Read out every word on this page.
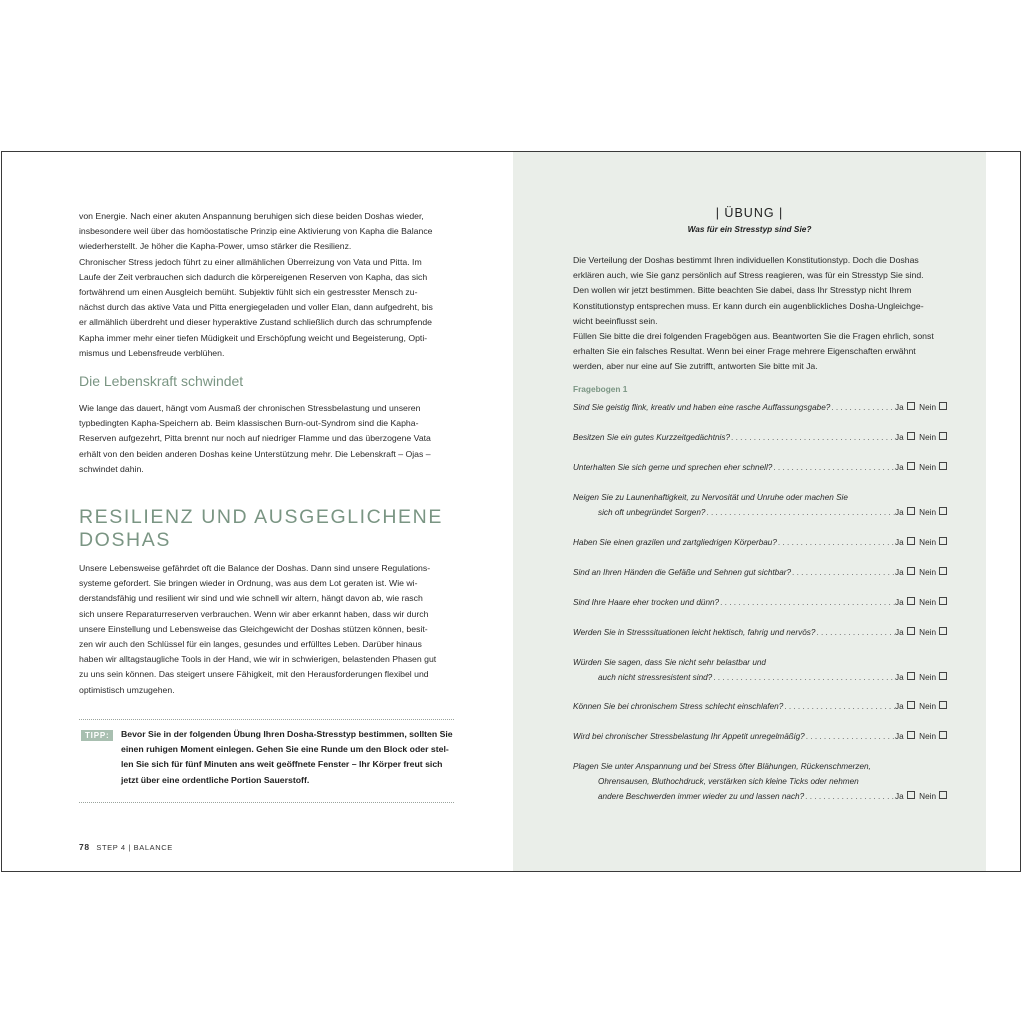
von Energie. Nach einer akuten Anspannung beruhigen sich diese beiden Doshas wieder,
insbesondere weil über das homöostatische Prinzip eine Aktivierung von Kapha die Balance
wiederherstellt. Je höher die Kapha-Power, umso stärker die Resilienz.
Chronischer Stress jedoch führt zu einer allmählichen Überreizung von Vata und Pitta. Im
Laufe der Zeit verbrauchen sich dadurch die körpereigenen Reserven von Kapha, das sich
fortwährend um einen Ausgleich bemüht. Subjektiv fühlt sich ein gestresster Mensch zu-
nächst durch das aktive Vata und Pitta energiegeladen und voller Elan, dann aufgedreht, bis
er allmählich überdreht und dieser hyperaktive Zustand schließlich durch das schrumpfende
Kapha immer mehr einer tiefen Müdigkeit und Erschöpfung weicht und Begeisterung, Opti-
mismus und Lebensfreude verblühen.
Die Lebenskraft schwindet
Wie lange das dauert, hängt vom Ausmaß der chronischen Stressbelastung und unseren
typbedingten Kapha-Speichern ab. Beim klassischen Burn-out-Syndrom sind die Kapha-
Reserven aufgezehrt, Pitta brennt nur noch auf niedriger Flamme und das überzogene Vata
erhält von den beiden anderen Doshas keine Unterstützung mehr. Die Lebenskraft – Ojas –
schwindet dahin.
RESILIENZ UND AUSGEGLICHENE
DOSHAS
Unsere Lebensweise gefährdet oft die Balance der Doshas. Dann sind unsere Regulations-
systeme gefordert. Sie bringen wieder in Ordnung, was aus dem Lot geraten ist. Wie wi-
derstandsfähig und resilient wir sind und wie schnell wir altern, hängt davon ab, wie rasch
sich unsere Reparaturreserven verbrauchen. Wenn wir aber erkannt haben, dass wir durch
unsere Einstellung und Lebensweise das Gleichgewicht der Doshas stützen können, besit-
zen wir auch den Schlüssel für ein langes, gesundes und erfülltes Leben. Darüber hinaus
haben wir alltagstaugliche Tools in der Hand, wie wir in schwierigen, belastenden Phasen gut
zu uns sein können. Das steigert unsere Fähigkeit, mit den Herausforderungen flexibel und
optimistisch umzugehen.
TIPP:	Bevor Sie in der folgenden Übung Ihren Dosha-Stresstyp bestimmen, sollten Sie
einen ruhigen Moment einlegen. Gehen Sie eine Runde um den Block oder stel-
len Sie sich für fünf Minuten ans weit geöffnete Fenster – Ihr Körper freut sich
jetzt über eine ordentliche Portion Sauerstoff.
78 STEP 4 | BALANCE
| ÜBUNG |
Was für ein Stresstyp sind Sie?
Die Verteilung der Doshas bestimmt Ihren individuellen Konstitutionstyp. Doch die Doshas
erklären auch, wie Sie ganz persönlich auf Stress reagieren, was für ein Stresstyp Sie sind.
Den wollen wir jetzt bestimmen. Bitte beachten Sie dabei, dass Ihr Stresstyp nicht Ihrem
Konstitutionstyp entsprechen muss. Er kann durch ein augenblickliches Dosha-Ungleichge-
wicht beeinflusst sein.
Füllen Sie bitte die drei folgenden Fragebögen aus. Beantworten Sie die Fragen ehrlich, sonst
erhalten Sie ein falsches Resultat. Wenn bei einer Frage mehrere Eigenschaften erwähnt
werden, aber nur eine auf Sie zutrifft, antworten Sie bitte mit Ja.
Fragebogen 1
Sind Sie geistig flink, kreativ und haben eine rasche Auffassungsgabe? . . .	Ja	Nein
Besitzen Sie ein gutes Kurzzeitgedächtnis? . . .	Ja	Nein
Unterhalten Sie sich gerne und sprechen eher schnell? . . .	Ja	Nein
Neigen Sie zu Launenhaftigkeit, zu Nervosität und Unruhe oder machen Sie
sich oft unbegründet Sorgen? . . .	Ja	Nein
Haben Sie einen grazilen und zartgliedrigen Körperbau? . . .	Ja	Nein
Sind an Ihren Händen die Gefäße und Sehnen gut sichtbar? . . .	Ja	Nein
Sind Ihre Haare eher trocken und dünn? . . .	Ja	Nein
Werden Sie in Stresssituationen leicht hektisch, fahrig und nervös? . . .	Ja	Nein
Würden Sie sagen, dass Sie nicht sehr belastbar und
auch nicht stressresistent sind? . . .	Ja	Nein
Können Sie bei chronischem Stress schlecht einschlafen? . . .	Ja	Nein
Wird bei chronischer Stressbelastung Ihr Appetit unregelmäßig? . . .	Ja	Nein
Plagen Sie unter Anspannung und bei Stress öfter Blähungen, Rückenschmerzen,
Ohrensausen, Bluthochdruck, verstärken sich kleine Ticks oder nehmen
andere Beschwerden immer wieder zu und lassen nach? . . .	Ja	Nein
